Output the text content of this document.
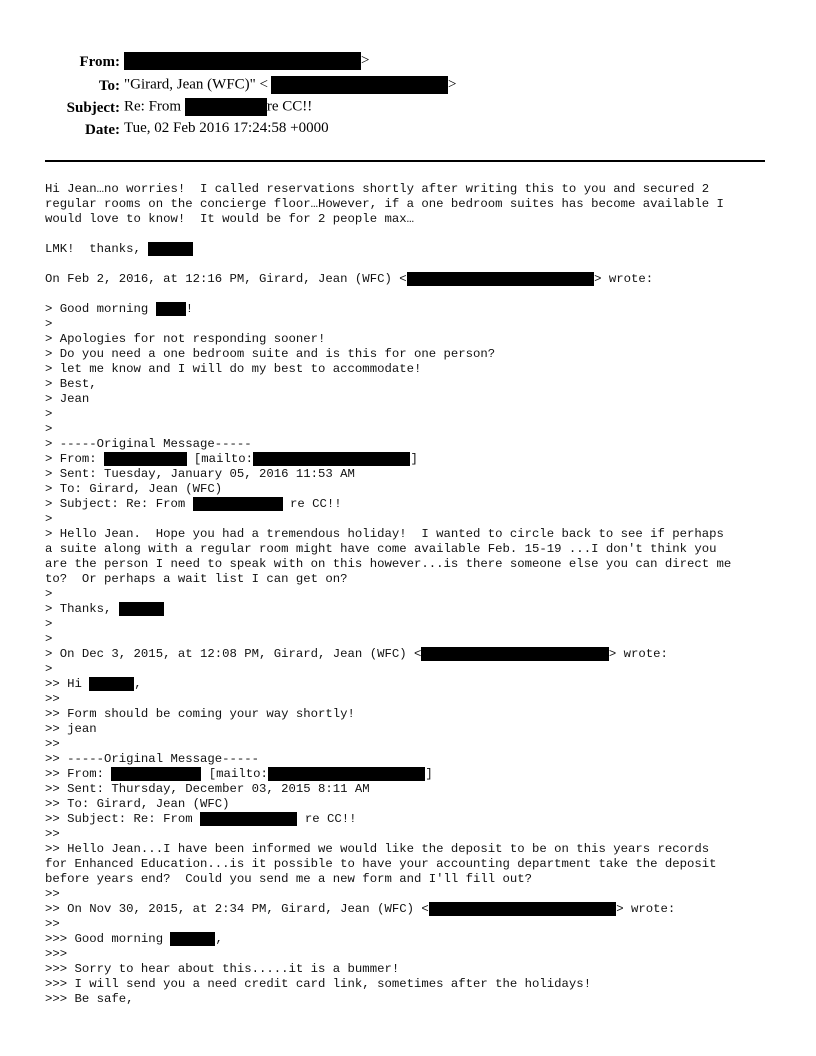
From:	>
To: "Girard, Jean (WFC)" <	>
Subject: Re: From	re CC!!
Date: Tue, 02 Feb 2016 17:24:58 +0000
Hi Jean…no worries!  I called reservations shortly after writing this to you and secured 2
regular rooms on the concierge floor…However, if a one bedroom suites has become available I
would love to know!  It would be for 2 people max…
LMK!  thanks,
On Feb 2, 2016, at 12:16 PM, Girard, Jean (WFC) <	> wrote:
> Good morning !
>
> Apologies for not responding sooner!
> Do you need a one bedroom suite and is this for one person?
> let me know and I will do my best to accommodate!
> Best,
> Jean
>
>
> -----Original Message-----
> From:	[mailto:	]
> Sent: Tuesday, January 05, 2016 11:53 AM
> To: Girard, Jean (WFC)
> Subject: Re: From	re CC!!
>
> Hello Jean.  Hope you had a tremendous holiday!  I wanted to circle back to see if perhaps
a suite along with a regular room might have come available Feb. 15-19 ...I don't think you
are the person I need to speak with on this however...is there someone else you can direct me
to?  Or perhaps a wait list I can get on?
>
> Thanks,
>
>
> On Dec 3, 2015, at 12:08 PM, Girard, Jean (WFC) <	> wrote:
>
>> Hi	,
>>
>> Form should be coming your way shortly!
>> jean
>>
>> -----Original Message-----
>> From:	[mailto:	]
>> Sent: Thursday, December 03, 2015 8:11 AM
>> To: Girard, Jean (WFC)
>> Subject: Re: From	re CC!!
>>
>> Hello Jean...I have been informed we would like the deposit to be on this years records
for Enhanced Education...is it possible to have your accounting department take the deposit
before years end?  Could you send me a new form and I'll fill out?
>>
>> On Nov 30, 2015, at 2:34 PM, Girard, Jean (WFC) <	> wrote:
>>
>>> Good morning	,
>>>
>>> Sorry to hear about this.....it is a bummer!
>>> I will send you a need credit card link, sometimes after the holidays!
>>> Be safe,
